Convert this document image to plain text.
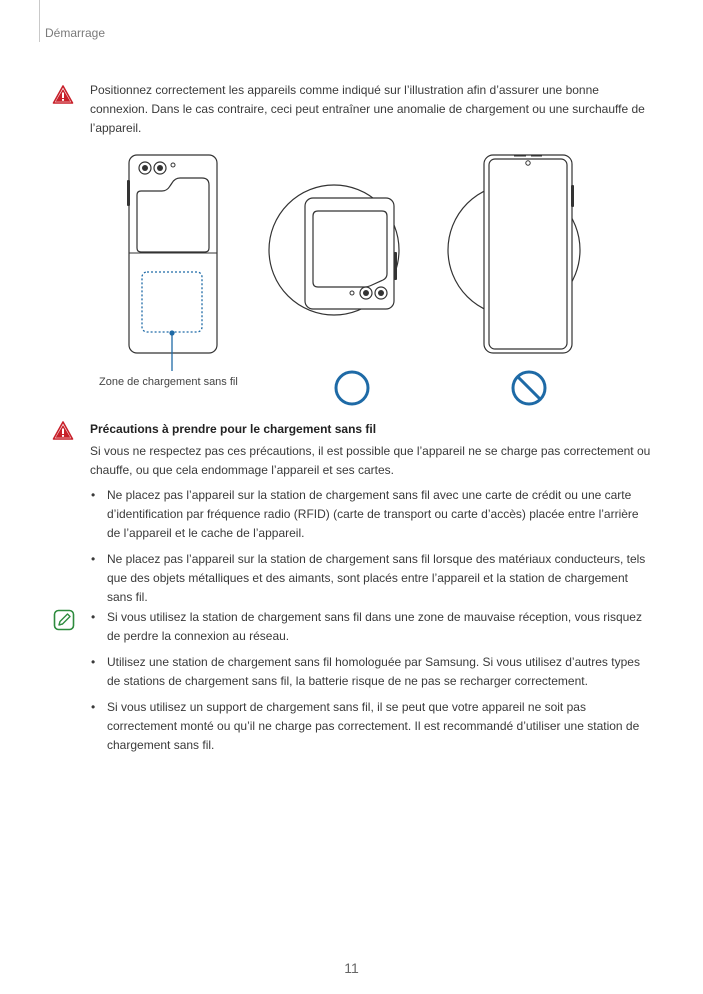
Démarrage
Positionnez correctement les appareils comme indiqué sur l’illustration afin d’assurer une bonne connexion. Dans le cas contraire, ceci peut entraîner une anomalie de chargement ou une surchauffe de l’appareil.
Zone de chargement sans fil
Précautions à prendre pour le chargement sans fil
Si vous ne respectez pas ces précautions, il est possible que l’appareil ne se charge pas correctement ou chauffe, ou que cela endommage l’appareil et ses cartes.
• Ne placez pas l’appareil sur la station de chargement sans fil avec une carte de crédit ou une carte d’identification par fréquence radio (RFID) (carte de transport ou carte d’accès) placée entre l’arrière de l’appareil et le cache de l’appareil.
• Ne placez pas l’appareil sur la station de chargement sans fil lorsque des matériaux conducteurs, tels que des objets métalliques et des aimants, sont placés entre l’appareil et la station de chargement sans fil.
• Si vous utilisez la station de chargement sans fil dans une zone de mauvaise réception, vous risquez de perdre la connexion au réseau.
• Utilisez une station de chargement sans fil homologuée par Samsung. Si vous utilisez d’autres types de stations de chargement sans fil, la batterie risque de ne pas se recharger correctement.
• Si vous utilisez un support de chargement sans fil, il se peut que votre appareil ne soit pas correctement monté ou qu’il ne charge pas correctement. Il est recommandé d’utiliser une station de chargement sans fil.
11
